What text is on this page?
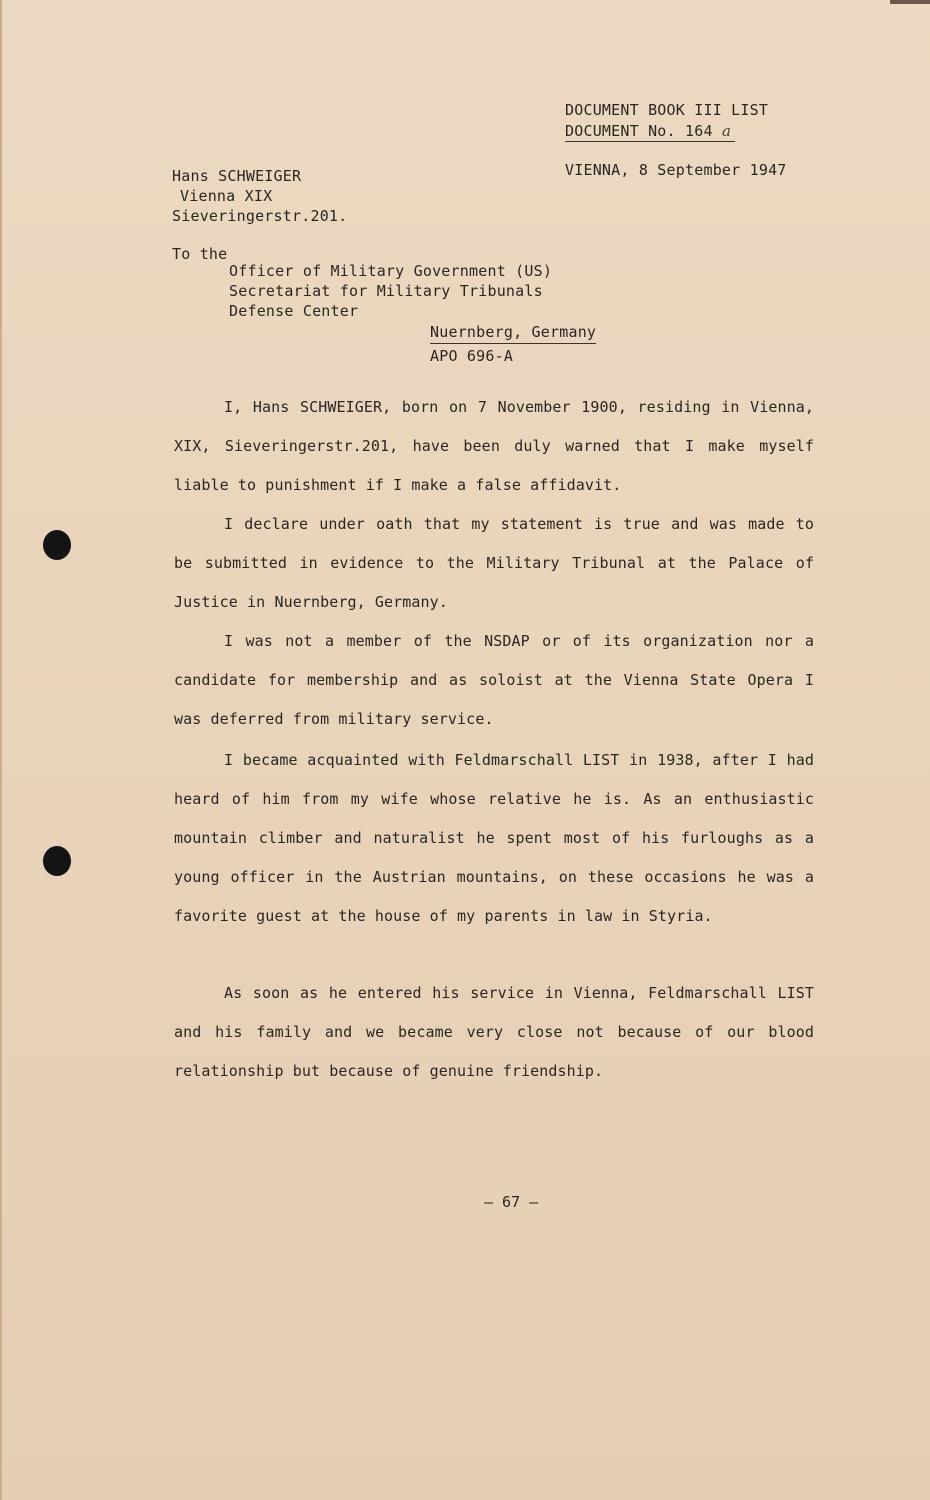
DOCUMENT BOOK III LIST
DOCUMENT No. 164 a
VIENNA, 8 September 1947
Hans SCHWEIGER
Vienna XIX
Sieveringerstr.201.
To the
Officer of Military Government (US)
Secretariat for Military Tribunals
Defense Center
Nuernberg, Germany
APO 696-A
I, Hans SCHWEIGER, born on 7 November 1900, residing in Vienna, XIX, Sieveringerstr.201, have been duly warned that I make myself liable to punishment if I make a false affidavit.
I declare under oath that my statement is true and was made to be submitted in evidence to the Military Tribunal at the Palace of Justice in Nuernberg, Germany.
I was not a member of the NSDAP or of its organization nor a candidate for membership and as soloist at the Vienna State Opera I was deferred from military service.
I became acquainted with Feldmarschall LIST in 1938, after I had heard of him from my wife whose relative he is. As an enthusiastic mountain climber and naturalist he spent most of his furloughs as a young officer in the Austrian mountains, on these occasions he was a favorite guest at the house of my parents in law in Styria.
As soon as he entered his service in Vienna, Feldmarschall LIST and his family and we became very close not because of our blood relationship but because of genuine friendship.
– 67 –
